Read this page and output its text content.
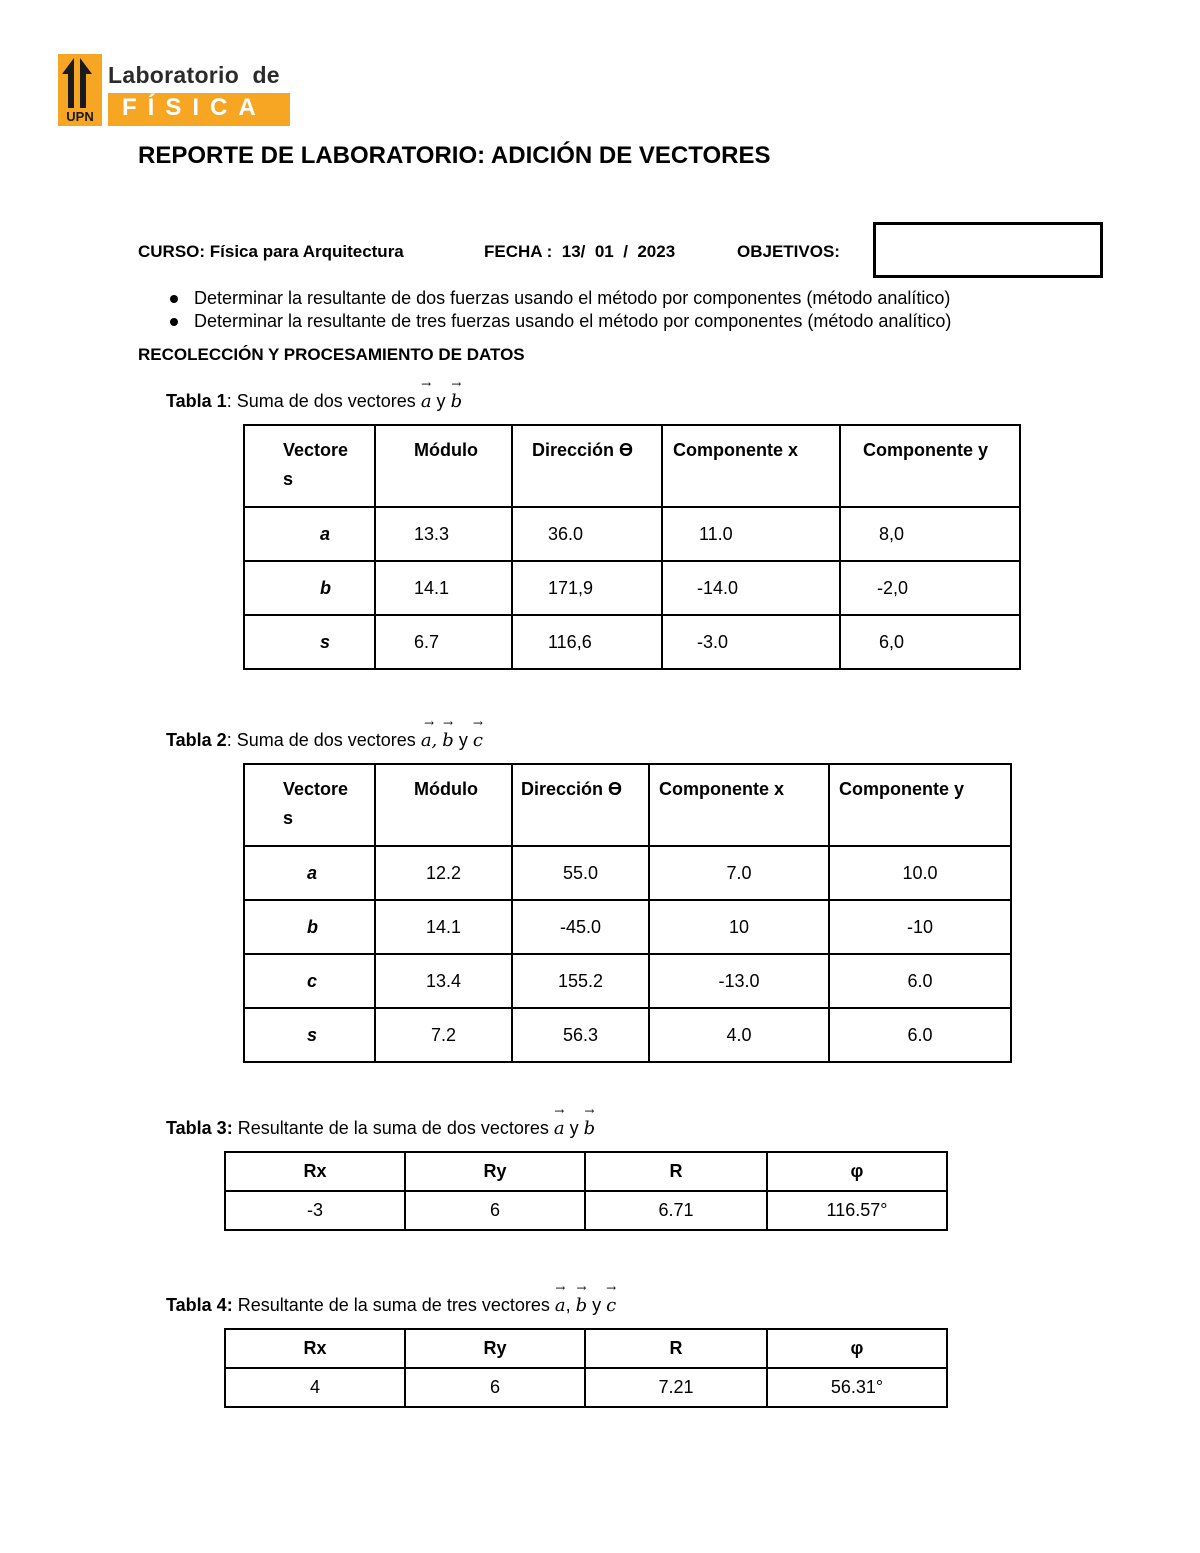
UPN
Laboratorio  de
FÍSICA
REPORTE DE LABORATORIO: ADICIÓN DE VECTORES
CURSO: Física para Arquitectura	FECHA :  13/  01  /  2023	OBJETIVOS:
Determinar la resultante de dos fuerzas usando el método por componentes (método analítico)
Determinar la resultante de tres fuerzas usando el método por componentes (método analítico)
RECOLECCIÓN Y PROCESAMIENTO DE DATOS
Tabla 1: Suma de dos vectores → a y → b
Vectore s	Módulo	Dirección ϴ	Componente x	Componente y
a	13.3	36.0	11.0	8,0
b	14.1	171,9	-14.0	-2,0
s	6.7	116,6	-3.0	6,0
Tabla 2: Suma de dos vectores → a, → b y → c
Vectore s	Módulo	Dirección ϴ	Componente x	Componente y
a	12.2	55.0	7.0	10.0
b	14.1	-45.0	10	-10
c	13.4	155.2	-13.0	6.0
s	7.2	56.3	4.0	6.0
Tabla 3: Resultante de la suma de dos vectores → a y → b
Rx	Ry	R	φ
-3	6	6.71	116.57°
Tabla 4: Resultante de la suma de tres vectores → a, → b y → c
Rx	Ry	R	φ
4	6	7.21	56.31°
